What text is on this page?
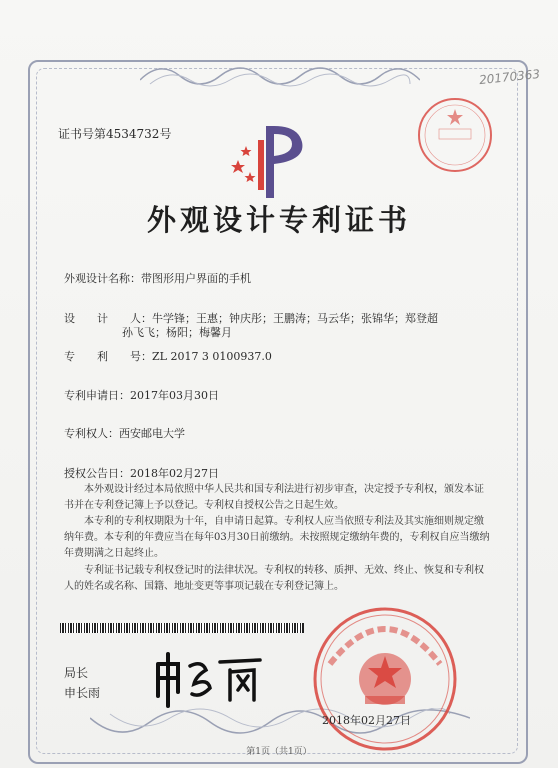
20170363
证书号第4534732号
外观设计专利证书
外观设计名称：带图形用户界面的手机
设　　计　　人：牛学锋；王惠；钟庆彤；王鹏涛；马云华；张锦华；郑登超
孙飞飞；杨阳；梅馨月
专　　利　　号：ZL 2017 3 0100937.0
专利申请日：2017年03月30日
专利权人：西安邮电大学
授权公告日：2018年02月27日

本外观设计经过本局依照中华人民共和国专利法进行初步审查，决定授予专利权，颁发本证书并在专利登记簿上予以登记。专利权自授权公告之日起生效。

本专利的专利权期限为十年，自申请日起算。专利权人应当依照专利法及其实施细则规定缴纳年费。本专利的年费应当在每年03月30日前缴纳。未按照规定缴纳年费的，专利权自应当缴纳年费期满之日起终止。

专利证书记载专利权登记时的法律状况。专利权的转移、质押、无效、终止、恢复和专利权人的姓名或名称、国籍、地址变更等事项记载在专利登记簿上。

局长
申长雨
2018年02月27日
第1页（共1页）
